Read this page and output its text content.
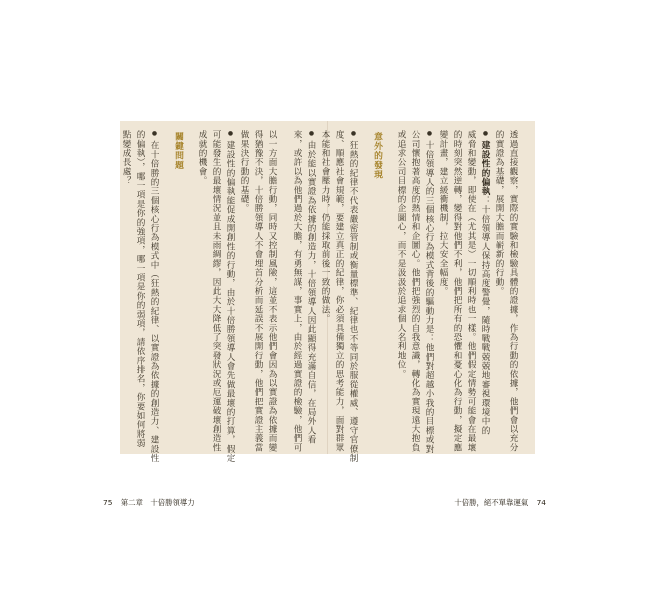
透過直接觀察，實際的實驗和檢驗具體的證據，作為行動的依據，他們會以充分
的實證為基礎，展開大膽而嶄新的行動。
● 建設性的偏執：十倍領導人保持高度警覺，隨時戰戰兢兢地審視環境中的
威脅和變動，即使在（尤其是）一切順利時也一樣。他們假定情勢可能會在最壞
的時刻突然逆轉，變得對他們不利，他們把所有的恐懼和憂心化為行動，擬定應
變計畫，建立緩衝機制，拉大安全幅度。
● 十倍領導人的三個核心行為模式背後的驅動力是：他們對超越小我的目標或對
公司懷抱著高度的熱情和企圖心。他們把強烈的自我意識，轉化為實現遠大抱負
或追求公司目標的企圖心，而不是汲汲於追求個人名利地位。
意外的發現
● 狂熱的紀律不代表嚴密管制或衡量標準、紀律也不等同於服從權威、遵守官僚制
度、順應社會規範，要建立真正的紀律，你必須具備獨立的思考能力，面對群眾
本能和社會壓力時，仍能採取前後一致的做法。
● 由於能以實證為依據的創造力，十倍領導人因此顯得充滿自信，在局外人看
來，或許以為他們過於大膽，有勇無謀，事實上，由於經過實證的檢驗，他們可
以一方面大膽行動，同時又控制風險，這並不表示他們會因為以實證為依據而變
得猶豫不決，十倍勝領導人不會埋首分析而延誤不展開行動，他們把實證主義當
做果決行動的基礎。
● 建設性的偏執能促成開創性的行動，由於十倍勝領導人會先做最壞的打算，假定
可能發生的最壞情況並且未雨綢繆，因此大大降低了突發狀況或厄運破壞創造性
成就的機會。
關鍵問題
● 在十倍勝的三個核心行為模式中（狂熱的紀律、以實證為依據的創造力、建設性
的偏執），哪一項是你的強項，哪一項是你的弱項，請依序排名，你要如何將弱
點變成長處？
75 第二章　十倍勝領導力	十倍勝，絕不單靠運氣 74
